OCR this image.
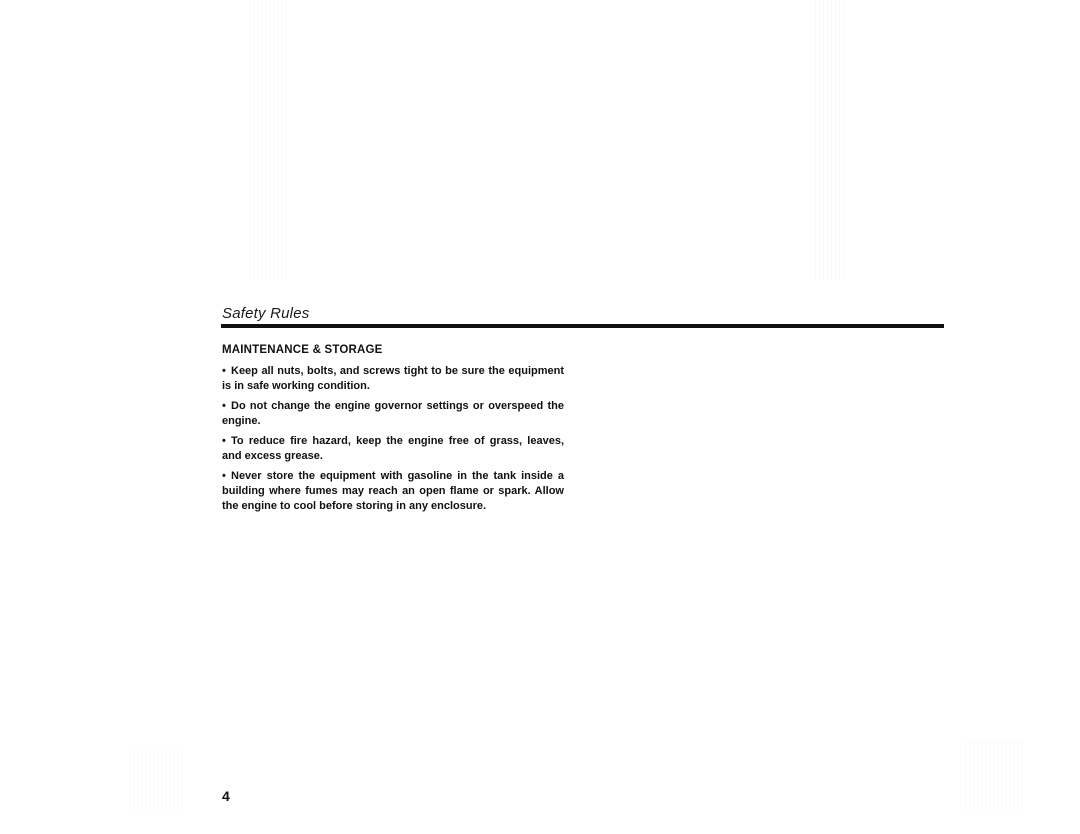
Safety Rules
MAINTENANCE & STORAGE
• Keep all nuts, bolts, and screws tight to be sure the equipment is in safe working condition.
• Do not change the engine governor settings or overspeed the engine.
• To reduce fire hazard, keep the engine free of grass, leaves, and excess grease.
• Never store the equipment with gasoline in the tank inside a building where fumes may reach an open flame or spark. Allow the engine to cool before storing in any enclosure.
4
